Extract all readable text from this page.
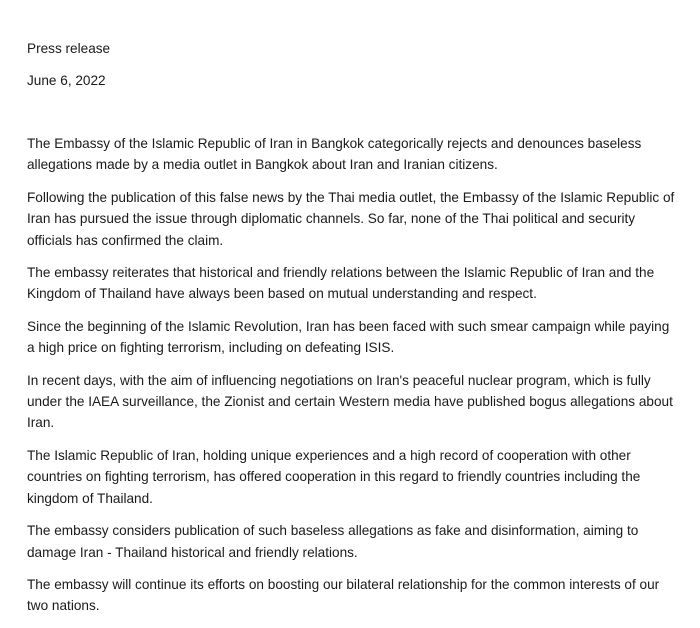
Press release

June 6, 2022

The Embassy of the Islamic Republic of Iran in Bangkok categorically rejects and denounces baseless allegations made by a media outlet in Bangkok about Iran and Iranian citizens.

Following the publication of this false news by the Thai media outlet, the Embassy of the Islamic Republic of Iran has pursued the issue through diplomatic channels. So far, none of the Thai political and security officials has confirmed the claim.

The embassy reiterates that historical and friendly relations between the Islamic Republic of Iran and the Kingdom of Thailand have always been based on mutual understanding and respect.

Since the beginning of the Islamic Revolution, Iran has been faced with such smear campaign while paying a high price on fighting terrorism, including on defeating ISIS.

In recent days, with the aim of influencing negotiations on Iran's peaceful nuclear program, which is fully under the IAEA surveillance, the Zionist and certain Western media have published bogus allegations about Iran.

The Islamic Republic of Iran, holding unique experiences and a high record of cooperation with other countries on fighting terrorism, has offered cooperation in this regard to friendly countries including the kingdom of Thailand.

The embassy considers publication of such baseless allegations as fake and disinformation, aiming to damage Iran - Thailand historical and friendly relations.

The embassy will continue its efforts on boosting our bilateral relationship for the common interests of our two nations.
